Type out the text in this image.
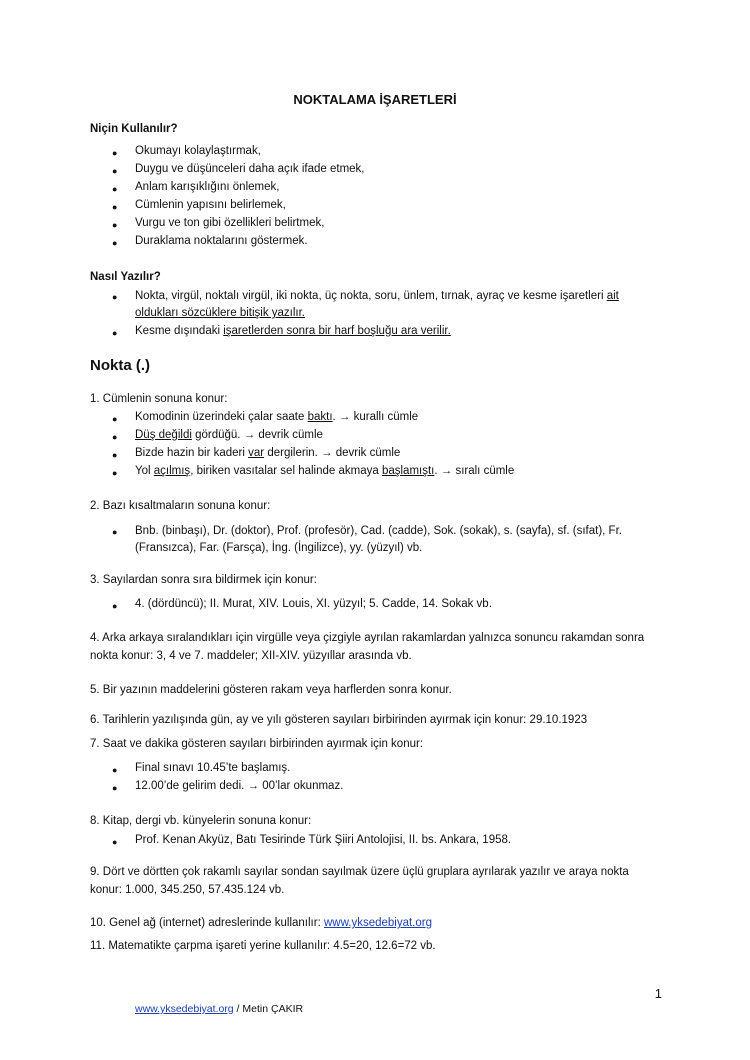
NOKTALAMA İŞARETLERİ
Niçin Kullanılır?
● Okumayı kolaylaştırmak,
● Duygu ve düşünceleri daha açık ifade etmek,
● Anlam karışıklığını önlemek,
● Cümlenin yapısını belirlemek,
● Vurgu ve ton gibi özellikleri belirtmek,
● Duraklama noktalarını göstermek.
Nasıl Yazılır?
● Nokta, virgül, noktalı virgül, iki nokta, üç nokta, soru, ünlem, tırnak, ayraç ve kesme işaretleri ait
oldukları sözcüklere bitişik yazılır.
● Kesme dışındaki işaretlerden sonra bir harf boşluğu ara verilir.
Nokta (.)
1. Cümlenin sonuna konur:
● Komodinin üzerindeki çalar saate baktı. → kurallı cümle
● Düş değildi gördüğü. → devrik cümle
● Bizde hazin bir kaderi var dergilerin. → devrik cümle
● Yol açılmış, biriken vasıtalar sel halinde akmaya başlamıştı. → sıralı cümle
2. Bazı kısaltmaların sonuna konur:
● Bnb. (binbaşı), Dr. (doktor), Prof. (profesör), Cad. (cadde), Sok. (sokak), s. (sayfa), sf. (sıfat), Fr. (Fransızca), Far. (Farsça), İng. (İngilizce), yy. (yüzyıl) vb.
3. Sayılardan sonra sıra bildirmek için konur:
● 4. (dördüncü); II. Murat, XIV. Louis, XI. yüzyıl; 5. Cadde, 14. Sokak vb.
4. Arka arkaya sıralandıkları için virgülle veya çizgiyle ayrılan rakamlardan yalnızca sonuncu rakamdan sonra
nokta konur: 3, 4 ve 7. maddeler; XII-XIV. yüzyıllar arasında vb.
5. Bir yazının maddelerini gösteren rakam veya harflerden sonra konur.
6. Tarihlerin yazılışında gün, ay ve yılı gösteren sayıları birbirinden ayırmak için konur: 29.10.1923
7. Saat ve dakika gösteren sayıları birbirinden ayırmak için konur:
● Final sınavı 10.45’te başlamış.
● 12.00’de gelirim dedi. → 00’lar okunmaz.
8. Kitap, dergi vb. künyelerin sonuna konur:
● Prof. Kenan Akyüz, Batı Tesirinde Türk Şiiri Antolojisi, II. bs. Ankara, 1958.
9. Dört ve dörtten çok rakamlı sayılar sondan sayılmak üzere üçlü gruplara ayrılarak yazılır ve araya nokta
konur: 1.000, 345.250, 57.435.124 vb.
10. Genel ağ (internet) adreslerinde kullanılır: www.yksedebiyat.org
11. Matematikte çarpma işareti yerine kullanılır: 4.5=20, 12.6=72 vb.
1
www.yksedebiyat.org / Metin ÇAKIR
